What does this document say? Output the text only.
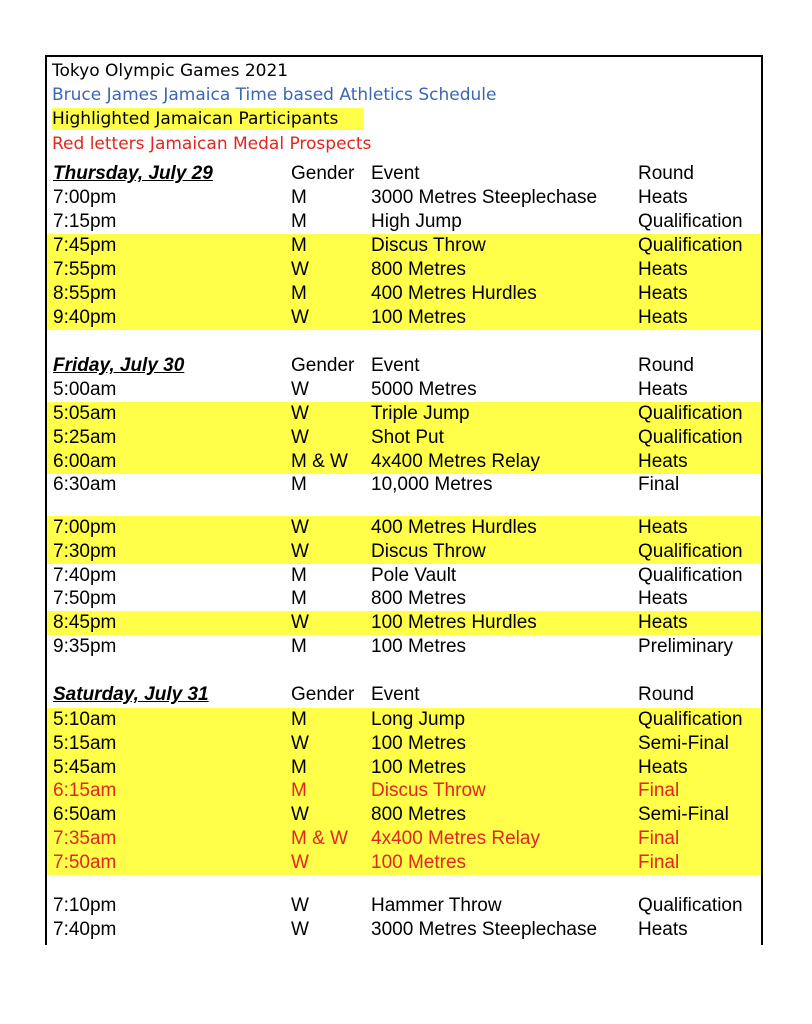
Tokyo Olympic Games 2021
Bruce James Jamaica Time based Athletics Schedule
Highlighted Jamaican Participants
Red letters Jamaican Medal Prospects
Thursday, July 29	Gender Event	Round
7:00pm	M	3000 Metres Steeplechase Heats
7:15pm	M	High Jump	Qualification
7:45pm	M	Discus Throw	Qualification
7:55pm	W	800 Metres	Heats
8:55pm	M	400 Metres Hurdles	Heats
9:40pm	W	100 Metres	Heats
Friday, July 30	Gender Event	Round
5:00am	W	5000 Metres	Heats
5:05am	W	Triple Jump	Qualification
5:25am	W	Shot Put	Qualification
6:00am	M & W 4x400 Metres Relay	Heats
6:30am	M	10,000 Metres	Final
7:00pm	W	400 Metres Hurdles	Heats
7:30pm	W	Discus Throw	Qualification
7:40pm	M	Pole Vault	Qualification
7:50pm	M	800 Metres	Heats
8:45pm	W	100 Metres Hurdles	Heats
9:35pm	M	100 Metres	Preliminary
Saturday, July 31	Gender Event	Round
5:10am	M	Long Jump	Qualification
5:15am	W	100 Metres	Semi-Final
5:45am	M	100 Metres	Heats
6:15am	M	Discus Throw	Final
6:50am	W	800 Metres	Semi-Final
7:35am	M & W 4x400 Metres Relay	Final
7:50am	W	100 Metres	Final
7:10pm	W	Hammer Throw	Qualification
7:40pm	W	3000 Metres Steeplechase Heats
